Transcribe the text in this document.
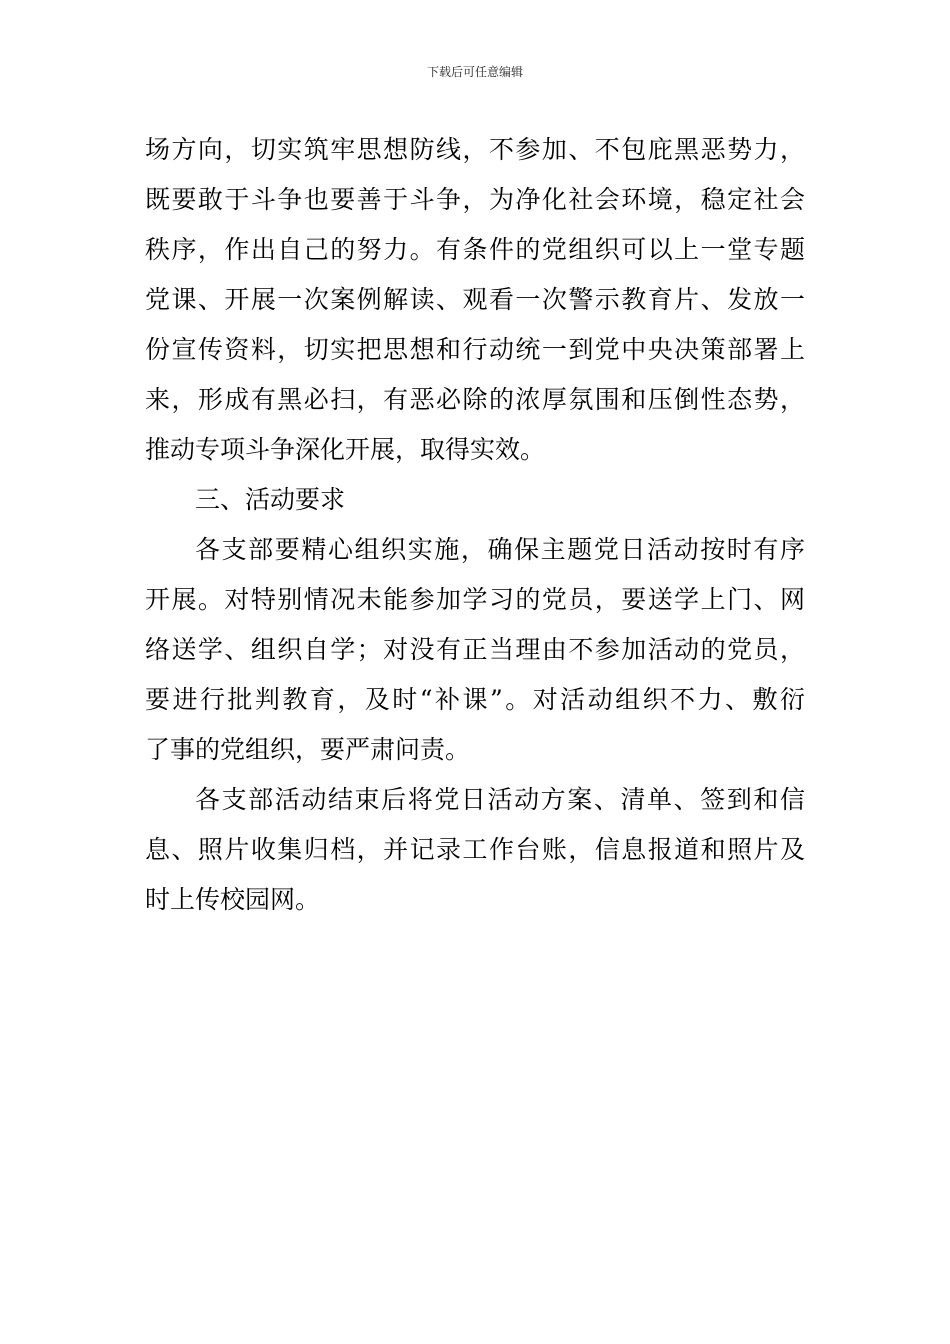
下载后可任意编辑
场方向，切实筑牢思想防线，不参加、不包庇黑恶势力，
既要敢于斗争也要善于斗争，为净化社会环境，稳定社会
秩序，作出自己的努力。有条件的党组织可以上一堂专题
党课、开展一次案例解读、观看一次警示教育片、发放一
份宣传资料，切实把思想和行动统一到党中央决策部署上
来，形成有黑必扫，有恶必除的浓厚氛围和压倒性态势，
推动专项斗争深化开展，取得实效。
三、活动要求
各支部要精心组织实施，确保主题党日活动按时有序
开展。对特别情况未能参加学习的党员，要送学上门、网
络送学、组织自学；对没有正当理由不参加活动的党员，
要进行批判教育，及时“补课”。对活动组织不力、敷衍
了事的党组织，要严肃问责。
各支部活动结束后将党日活动方案、清单、签到和信
息、照片收集归档，并记录工作台账，信息报道和照片及
时上传校园网。
